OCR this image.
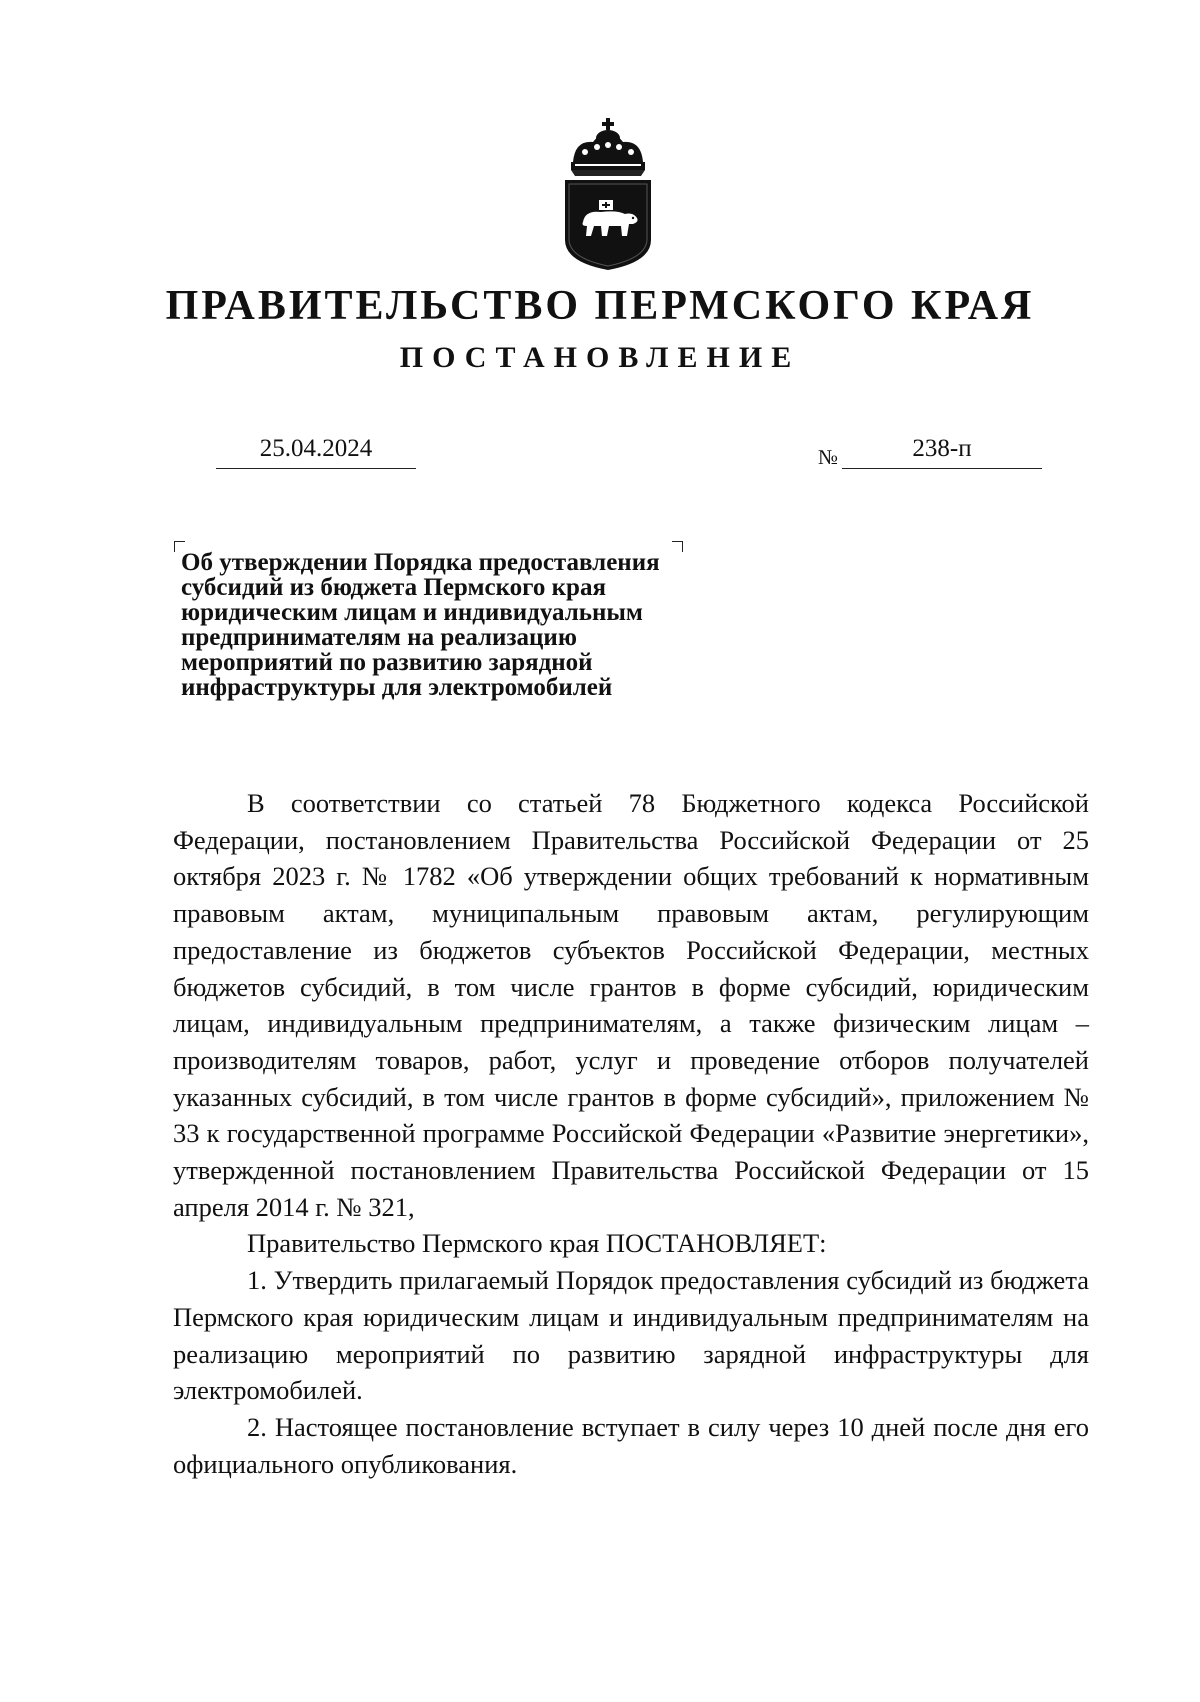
ПРАВИТЕЛЬСТВО ПЕРМСКОГО КРАЯ
ПОСТАНОВЛЕНИЕ
25.04.2024	№	238-п
Об утверждении Порядка предоставления
субсидий из бюджета Пермского края
юридическим лицам и индивидуальным
предпринимателям на реализацию
мероприятий по развитию зарядной
инфраструктуры для электромобилей

В соответствии со статьей 78 Бюджетного кодекса Российской Федерации, постановлением Правительства Российской Федерации от 25 октября 2023 г. № 1782 «Об утверждении общих требований к нормативным правовым актам, муниципальным правовым актам, регулирующим предоставление из бюджетов субъектов Российской Федерации, местных бюджетов субсидий, в том числе грантов в форме субсидий, юридическим лицам, индивидуальным предпринимателям, а также физическим лицам – производителям товаров, работ, услуг и проведение отборов получателей указанных субсидий, в том числе грантов в форме субсидий», приложением № 33 к государственной программе Российской Федерации «Развитие энергетики», утвержденной постановлением Правительства Российской Федерации от 15 апреля 2014 г. № 321,

Правительство Пермского края ПОСТАНОВЛЯЕТ:

1. Утвердить прилагаемый Порядок предоставления субсидий из бюджета Пермского края юридическим лицам и индивидуальным предпринимателям на реализацию мероприятий по развитию зарядной инфраструктуры для электромобилей.

2. Настоящее постановление вступает в силу через 10 дней после дня его официального опубликования.
